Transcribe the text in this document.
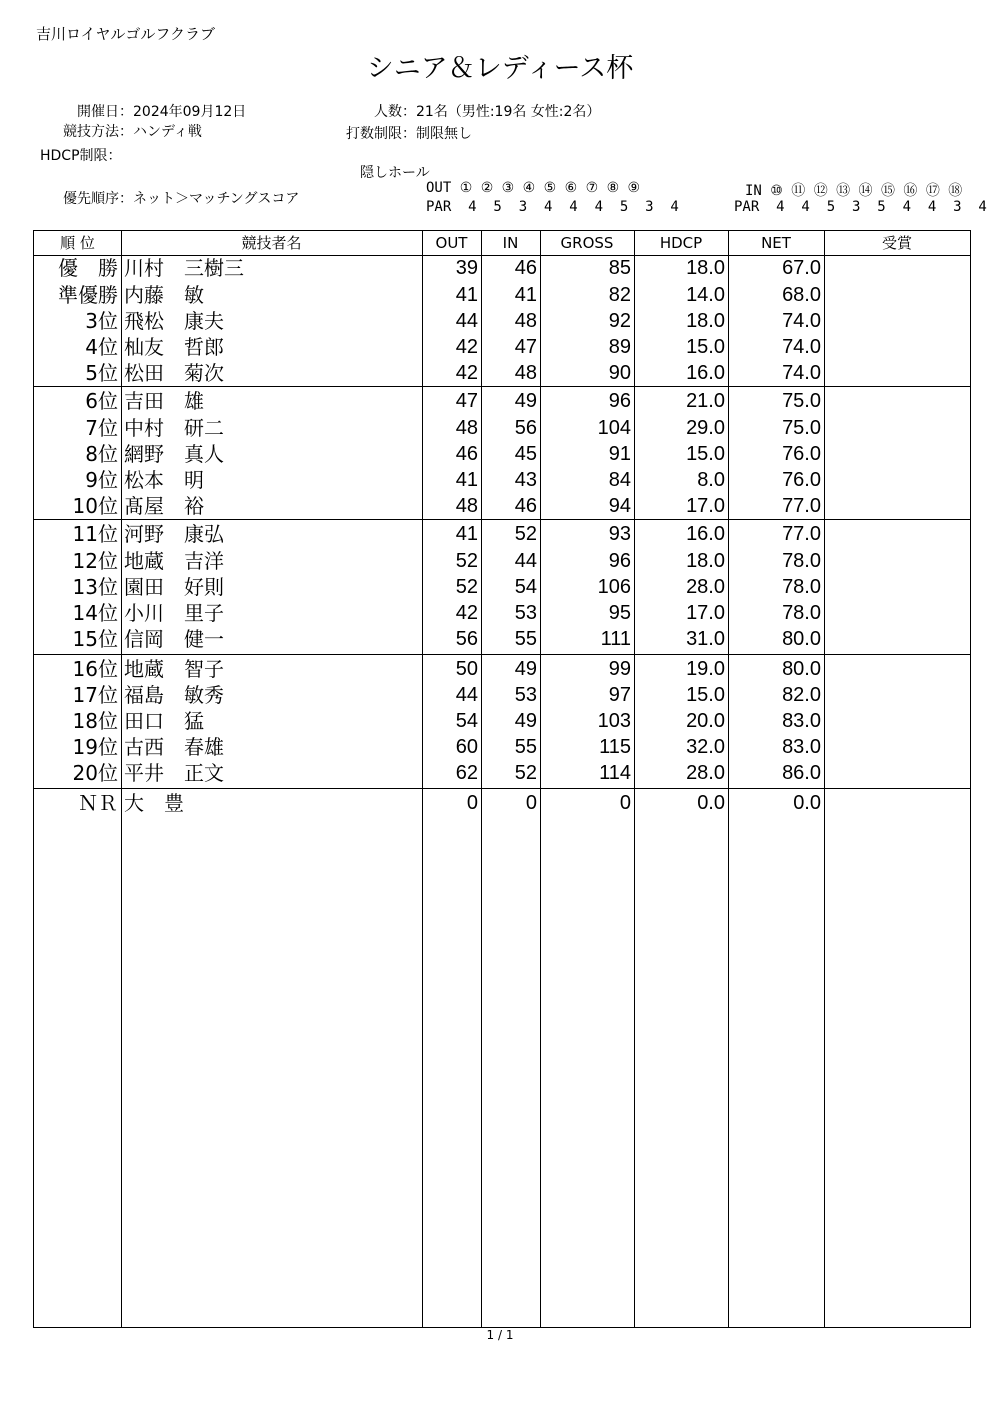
吉川ロイヤルゴルフクラブ
シニア＆レディース杯
開催日：2024年09月12日
競技方法：ハンディ戦
HDCP制限：
人数：21名（男性:19名 女性:2名）
打数制限：制限無し
優先順序：ネット＞マッチングスコア
隠しホール
OUT ① ② ③ ④ ⑤ ⑥ ⑦ ⑧ ⑨
PAR  4  5  3  4  4  4  5  3  4
IN ⑩ ⑪ ⑫ ⑬ ⑭ ⑮ ⑯ ⑰ ⑱
PAR  4  4  5  3  5  4  4  3  4
順 位	競技者名	OUT	IN	GROSS	HDCP	NET	受賞
優　勝 川村　三樹三	39	46	85	18.0	67.0
準優勝 内藤　敏	41	41	82	14.0	68.0
3位 飛松　康夫	44	48	92	18.0	74.0
4位 杣友　哲郎	42	47	89	15.0	74.0
5位 松田　菊次	42	48	90	16.0	74.0
6位 吉田　雄	47	49	96	21.0	75.0
7位 中村　研二	48	56	104	29.0	75.0
8位 網野　真人	46	45	91	15.0	76.0
9位 松本　明	41	43	84	8.0	76.0
10位 髙屋　裕	48	46	94	17.0	77.0
11位 河野　康弘	41	52	93	16.0	77.0
12位 地蔵　吉洋	52	44	96	18.0	78.0
13位 園田　好則	52	54	106	28.0	78.0
14位 小川　里子	42	53	95	17.0	78.0
15位 信岡　健一	56	55	111	31.0	80.0
16位 地蔵　智子	50	49	99	19.0	80.0
17位 福島　敏秀	44	53	97	15.0	82.0
18位 田口　猛	54	49	103	20.0	83.0
19位 古西　春雄	60	55	115	32.0	83.0
20位 平井　正文	62	52	114	28.0	86.0
ＮＲ 大　豊	0	0	0	0.0	0.0
1 / 1
